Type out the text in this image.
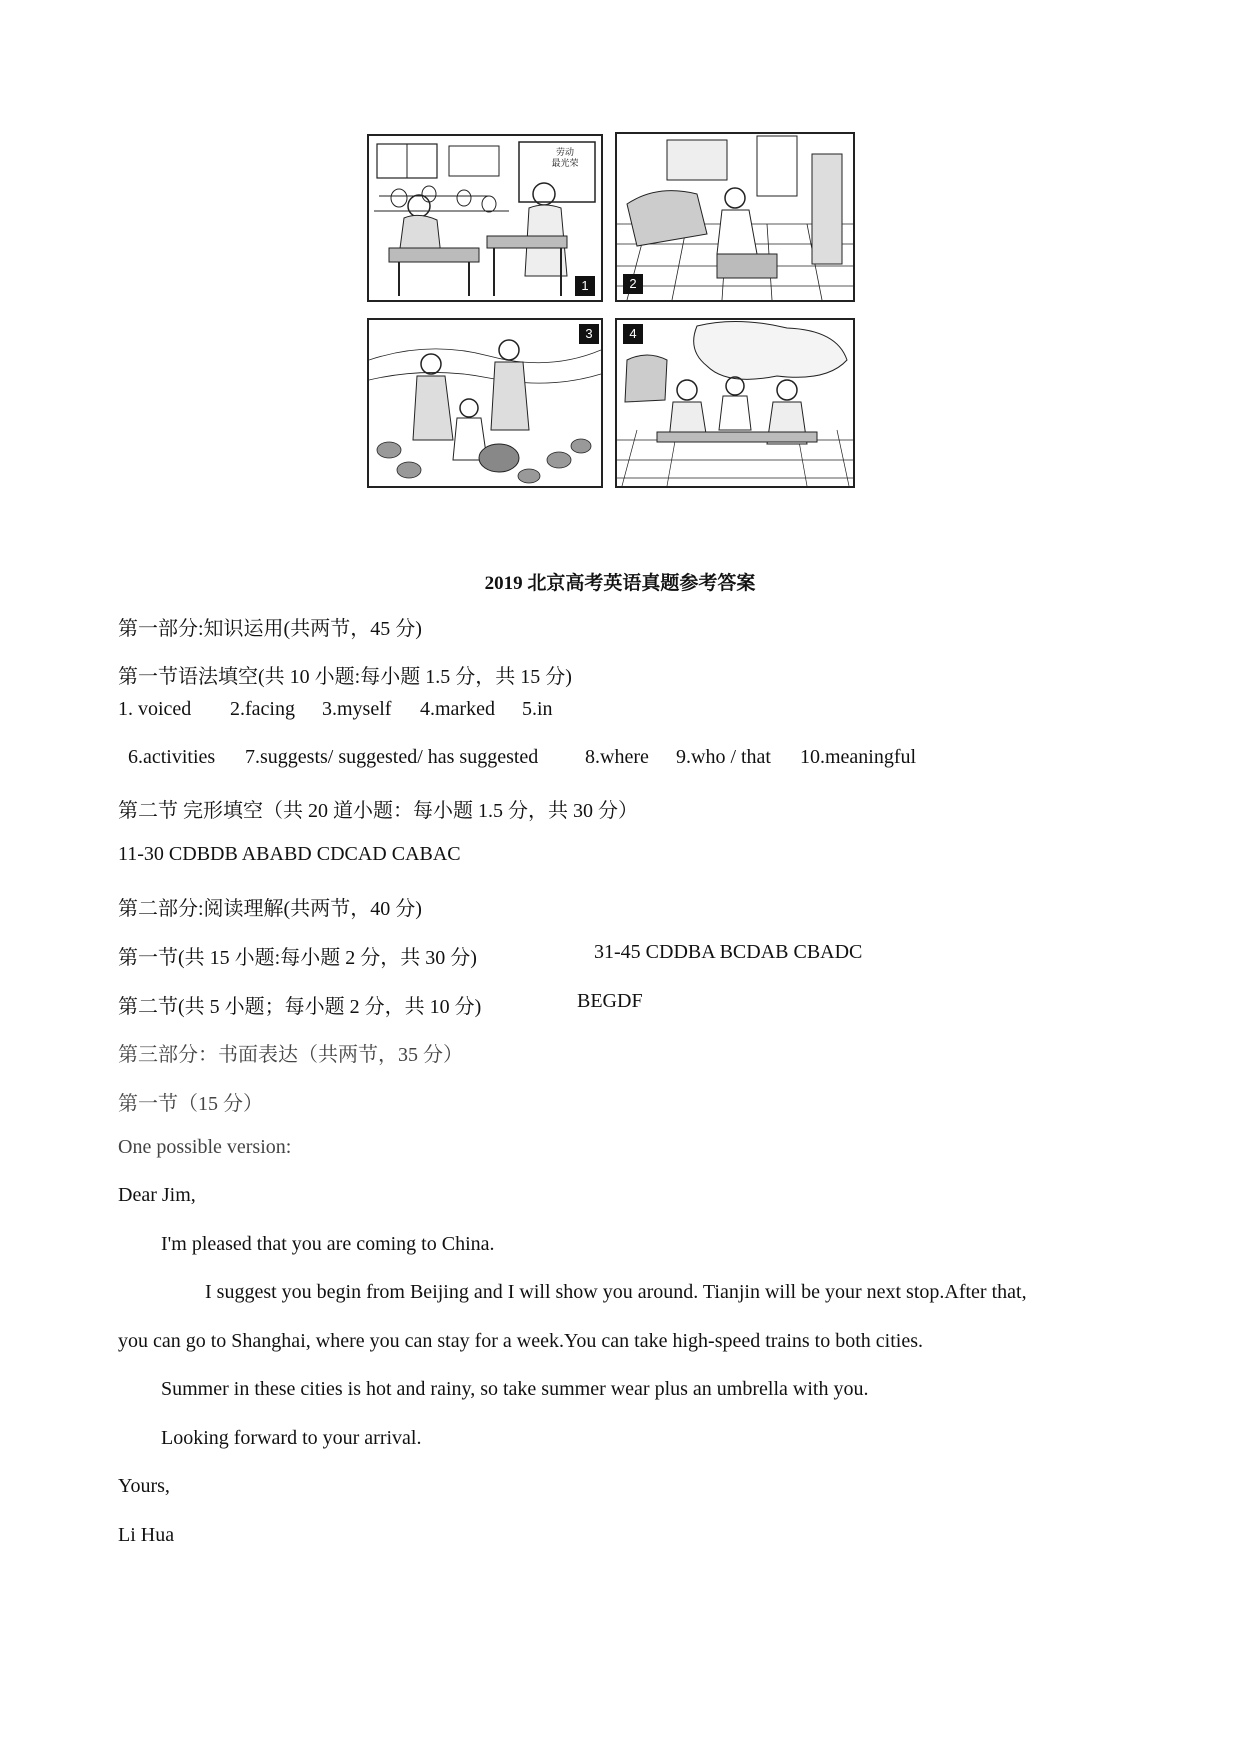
劳动
最光荣
1	2
3	4
2019 北京高考英语真题参考答案
第一部分:知识运用(共两节，45 分)
第一节语法填空(共 10 小题:每小题 1.5 分，共 15 分)
1. voiced 2.facing 3.myself 4.marked 5.in
6.activities 7.suggests/ suggested/ has suggested 8.where 9.who / that 10.meaningful
第二节 完形填空（共 20 道小题：每小题 1.5 分，共 30 分）
11-30 CDBDB ABABD CDCAD CABAC
第二部分:阅读理解(共两节，40 分)
第一节(共 15 小题:每小题 2 分，共 30 分)	31-45 CDDBA BCDAB CBADC
第二节(共 5 小题；每小题 2 分，共 10 分)	BEGDF
第三部分：书面表达（共两节，35 分）
第一节（15 分）
One possible version:
Dear Jim,
I'm pleased that you are coming to China.
I suggest you begin from Beijing and I will show you around. Tianjin will be your next stop.After that,
you can go to Shanghai, where you can stay for a week.You can take high-speed trains to both cities.
Summer in these cities is hot and rainy, so take summer wear plus an umbrella with you.
Looking forward to your arrival.
Yours,
Li Hua
